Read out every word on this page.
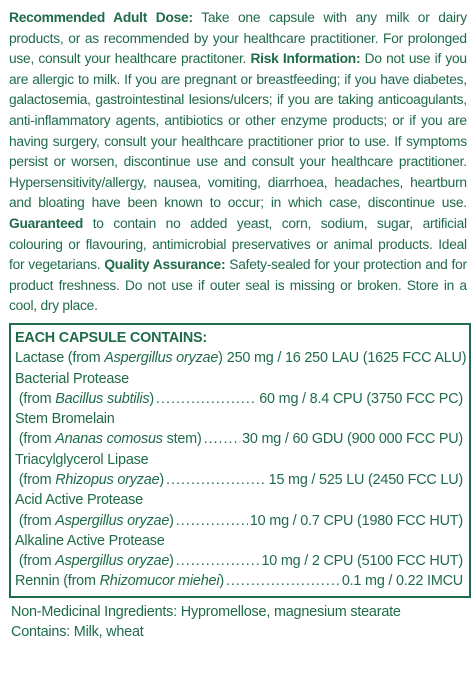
Recommended Adult Dose: Take one capsule with any milk or dairy products, or as recommended by your healthcare practitioner. For prolonged use, consult your healthcare practitoner. Risk Information: Do not use if you are allergic to milk. If you are pregnant or breastfeeding; if you have diabetes, galactosemia, gastrointestinal lesions/ulcers; if you are taking anticoagulants, anti-inflammatory agents, antibiotics or other enzyme products; or if you are having surgery, consult your healthcare practitioner prior to use. If symptoms persist or worsen, discontinue use and consult your healthcare practitioner. Hypersensitivity/allergy, nausea, vomiting, diarrhoea, headaches, heartburn and bloating have been known to occur; in which case, discontinue use. Guaranteed to contain no added yeast, corn, sodium, sugar, artificial colouring or flavouring, antimicrobial preservatives or animal products. Ideal for vegetarians. Quality Assurance: Safety-sealed for your protection and for product freshness. Do not use if outer seal is missing or broken. Store in a cool, dry place.
EACH CAPSULE CONTAINS:
Lactase (from Aspergillus oryzae) 250 mg / 16 250 LAU (1625 FCC ALU)
Bacterial Protease
(from Bacillus subtilis) . . .	60 mg / 8.4 CPU (3750 FCC PC)
Stem Bromelain
(from Ananas comosus stem) . . .	30 mg / 60 GDU (900 000 FCC PU)
Triacylglycerol Lipase
(from Rhizopus oryzae) . . .	15 mg / 525 LU (2450 FCC LU)
Acid Active Protease
(from Aspergillus oryzae) . . .	10 mg / 0.7 CPU (1980 FCC HUT)
Alkaline Active Protease
(from Aspergillus oryzae) . . .	10 mg / 2 CPU (5100 FCC HUT)
Rennin (from Rhizomucor miehei) . . .	0.1 mg / 0.22 IMCU
Non-Medicinal Ingredients: Hypromellose, magnesium stearate
Contains: Milk, wheat
